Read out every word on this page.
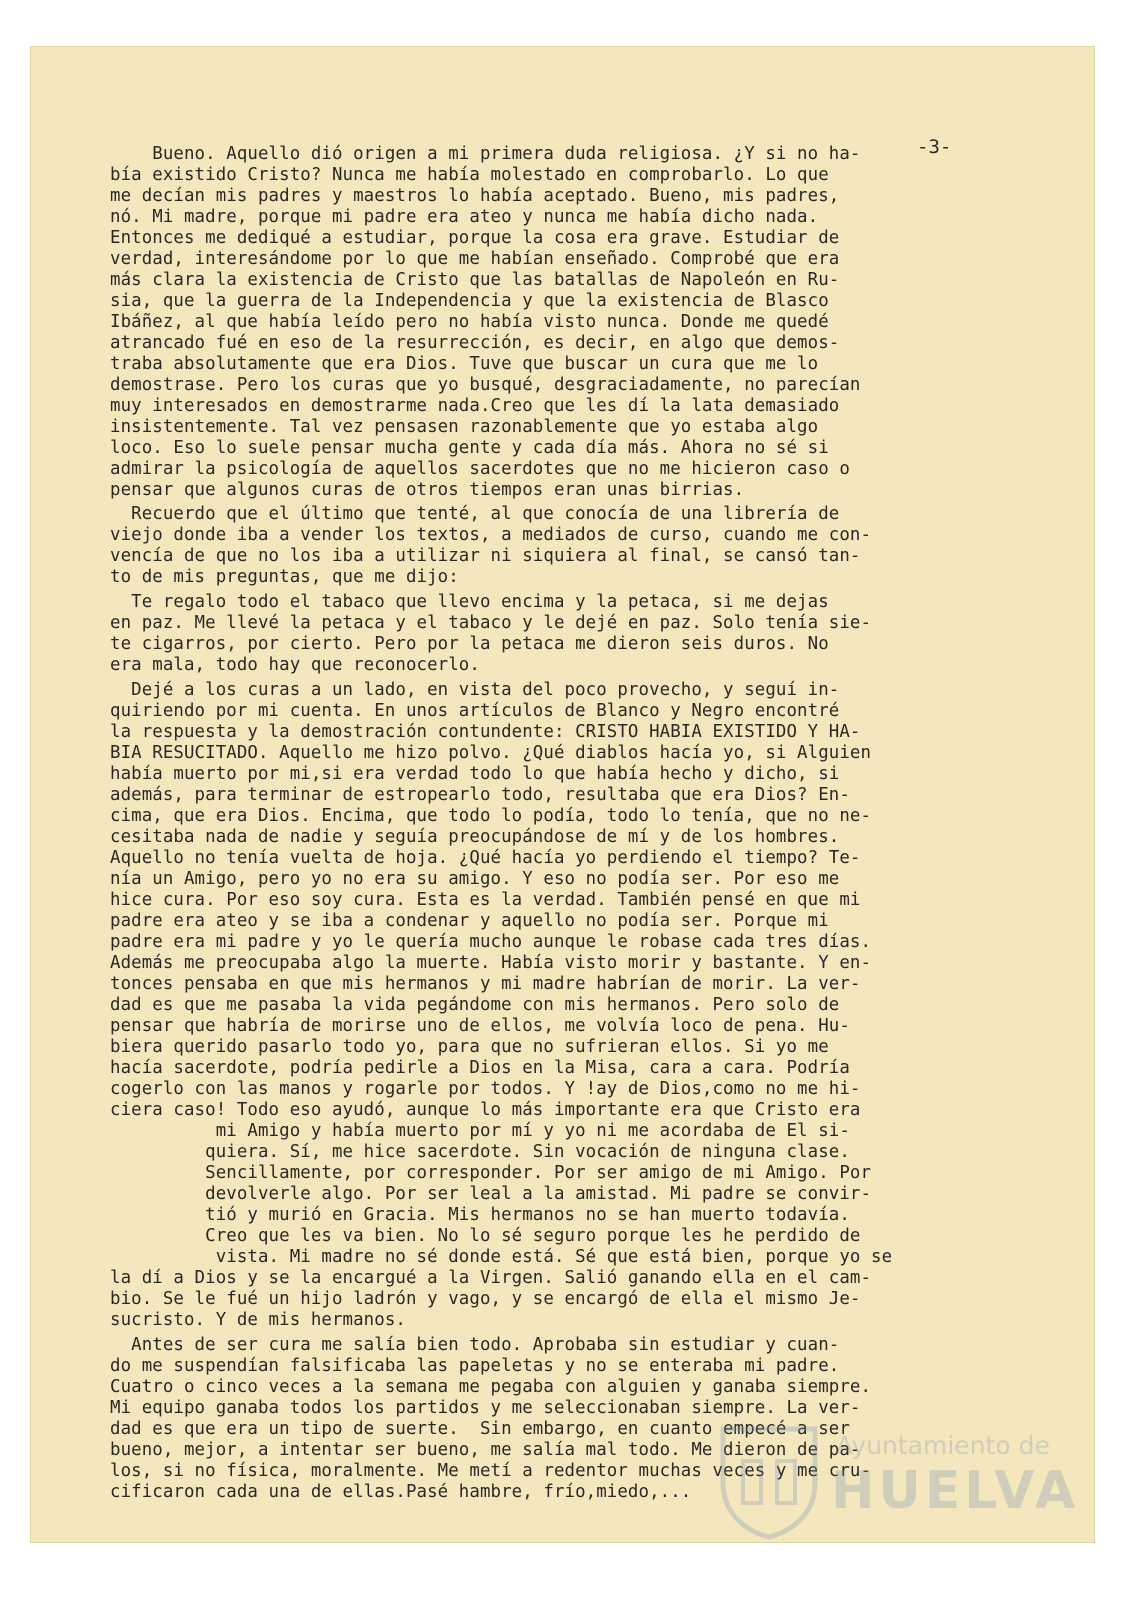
-3-

Bueno. Aquello dió origen a mi primera duda religiosa. ¿Y si no ha-

bía existido Cristo? Nunca me había molestado en comprobarlo. Lo que

me decían mis padres y maestros lo había aceptado. Bueno, mis padres,

nó. Mi madre, porque mi padre era ateo y nunca me había dicho nada.

Entonces me dediqué a estudiar, porque la cosa era grave. Estudiar de

verdad, interesándome por lo que me habían enseñado. Comprobé que era

más clara la existencia de Cristo que las batallas de Napoleón en Ru-

sia, que la guerra de la Independencia y que la existencia de Blasco

Ibáñez, al que había leído pero no había visto nunca. Donde me quedé

atrancado fué en eso de la resurrección, es decir, en algo que demos-

traba absolutamente que era Dios. Tuve que buscar un cura que me lo

demostrase. Pero los curas que yo busqué, desgraciadamente, no parecían

muy interesados en demostrarme nada.Creo que les dí la lata demasiado

insistentemente. Tal vez pensasen razonablemente que yo estaba algo

loco. Eso lo suele pensar mucha gente y cada día más. Ahora no sé si

admirar la psicología de aquellos sacerdotes que no me hicieron caso o

pensar que algunos curas de otros tiempos eran unas birrias.

Recuerdo que el último que tenté, al que conocía de una librería de

viejo donde iba a vender los textos, a mediados de curso, cuando me con-

vencía de que no los iba a utilizar ni siquiera al final, se cansó tan-

to de mis preguntas, que me dijo:

Te regalo todo el tabaco que llevo encima y la petaca, si me dejas

en paz. Me llevé la petaca y el tabaco y le dejé en paz. Solo tenía sie-

te cigarros, por cierto. Pero por la petaca me dieron seis duros. No

era mala, todo hay que reconocerlo.

Dejé a los curas a un lado, en vista del poco provecho, y seguí in-

quiriendo por mi cuenta. En unos artículos de Blanco y Negro encontré

la respuesta y la demostración contundente: CRISTO HABIA EXISTIDO Y HA-

BIA RESUCITADO. Aquello me hizo polvo. ¿Qué diablos hacía yo, si Alguien

había muerto por mi,si era verdad todo lo que había hecho y dicho, si

además, para terminar de estropearlo todo, resultaba que era Dios? En-

cima, que era Dios. Encima, que todo lo podía, todo lo tenía, que no ne-

cesitaba nada de nadie y seguía preocupándose de mí y de los hombres.

Aquello no tenía vuelta de hoja. ¿Qué hacía yo perdiendo el tiempo? Te-

nía un Amigo, pero yo no era su amigo. Y eso no podía ser. Por eso me

hice cura. Por eso soy cura. Esta es la verdad. También pensé en que mi

padre era ateo y se iba a condenar y aquello no podía ser. Porque mi

padre era mi padre y yo le quería mucho aunque le robase cada tres días.

Además me preocupaba algo la muerte. Había visto morir y bastante. Y en-

tonces pensaba en que mis hermanos y mi madre habrían de morir. La ver-

dad es que me pasaba la vida pegándome con mis hermanos. Pero solo de

pensar que habría de morirse uno de ellos, me volvía loco de pena. Hu-

biera querido pasarlo todo yo, para que no sufrieran ellos. Si yo me

hacía sacerdote, podría pedirle a Dios en la Misa, cara a cara. Podría

cogerlo con las manos y rogarle por todos. Y !ay de Dios,como no me hi-

ciera caso! Todo eso ayudó, aunque lo más importante era que Cristo era

mi Amigo y había muerto por mí y yo ni me acordaba de El si-

quiera. Sí, me hice sacerdote. Sin vocación de ninguna clase.

Sencillamente, por corresponder. Por ser amigo de mi Amigo. Por

devolverle algo. Por ser leal a la amistad. Mi padre se convir-

tió y murió en Gracia. Mis hermanos no se han muerto todavía.

Creo que les va bien. No lo sé seguro porque les he perdido de

vista. Mi madre no sé donde está. Sé que está bien, porque yo se

la dí a Dios y se la encargué a la Virgen. Salió ganando ella en el cam-

bio. Se le fué un hijo ladrón y vago, y se encargó de ella el mismo Je-

sucristo. Y de mis hermanos.

Antes de ser cura me salía bien todo. Aprobaba sin estudiar y cuan-

do me suspendían falsificaba las papeletas y no se enteraba mi padre.

Cuatro o cinco veces a la semana me pegaba con alguien y ganaba siempre.

Mi equipo ganaba todos los partidos y me seleccionaban siempre. La ver-

dad es que era un tipo de suerte.  Sin embargo, en cuanto empecé a ser

bueno, mejor, a intentar ser bueno, me salía mal todo. Me dieron de pa-

los, si no física, moralmente. Me metí a redentor muchas veces y me cru-

cificaron cada una de ellas.Pasé hambre, frío,miedo,...

Ayuntamiento de
HUELVA
